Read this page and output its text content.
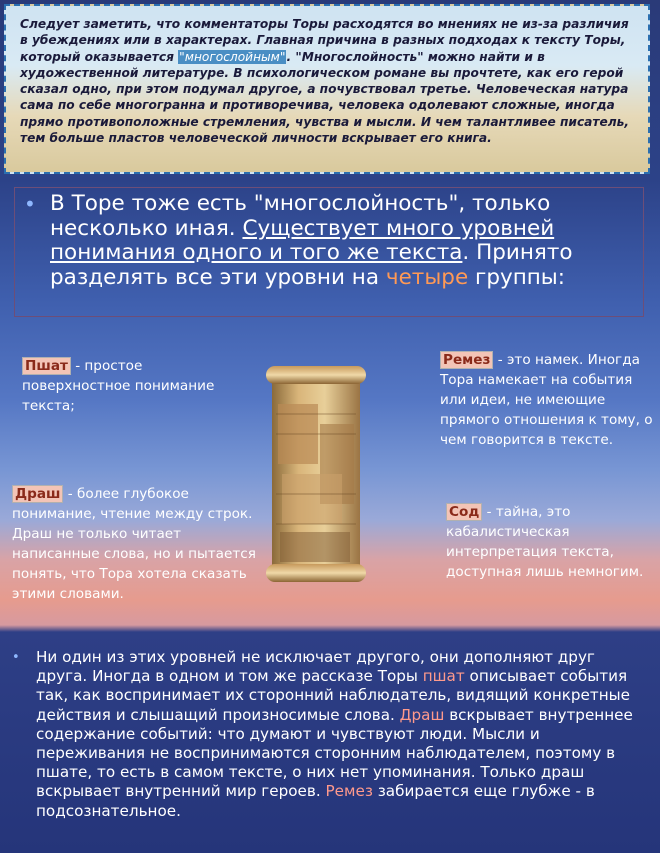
Следует заметить, что комментаторы Торы расходятся во мнениях не из-за различия в убеждениях или в характерах. Главная причина в разных подходах к тексту Торы, который оказывается "многослойным". "Многослойность" можно найти и в художественной литературе. В психологическом романе вы прочтете, как его герой сказал одно, при этом подумал другое, а почувствовал третье. Человеческая натура сама по себе многогранна и противоречива, человека одолевают сложные, иногда прямо противоположные стремления, чувства и мысли. И чем талантливее писатель, тем больше пластов человеческой личности вскрывает его книга.
• В Торе тоже есть "многослойность", только несколько иная. Существует много уровней понимания одного и того же текста. Принято разделять все эти уровни на четыре группы:
Пшат - простое поверхностное понимание текста;
Ремез - это намек. Иногда Тора намекает на события или идеи, не имеющие прямого отношения к тому, о чем говорится в тексте.
Драш - более глубокое понимание, чтение между строк. Драш не только читает написанные слова, но и пытается понять, что Тора хотела сказать этими словами.
Сод - тайна, это кабалистическая интерпретация текста, доступная лишь немногим.
•	Ни один из этих уровней не исключает другого, они дополняют друг друга. Иногда в одном и том же рассказе Торы пшат описывает события так, как воспринимает их сторонний наблюдатель, видящий конкретные действия и слышащий произносимые слова. Драш вскрывает внутреннее содержание событий: что думают и чувствуют люди. Мысли и переживания не воспринимаются сторонним наблюдателем, поэтому в пшате, то есть в самом тексте, о них нет упоминания. Только драш вскрывает внутренний мир героев. Ремез забирается еще глубже - в подсознательное.
